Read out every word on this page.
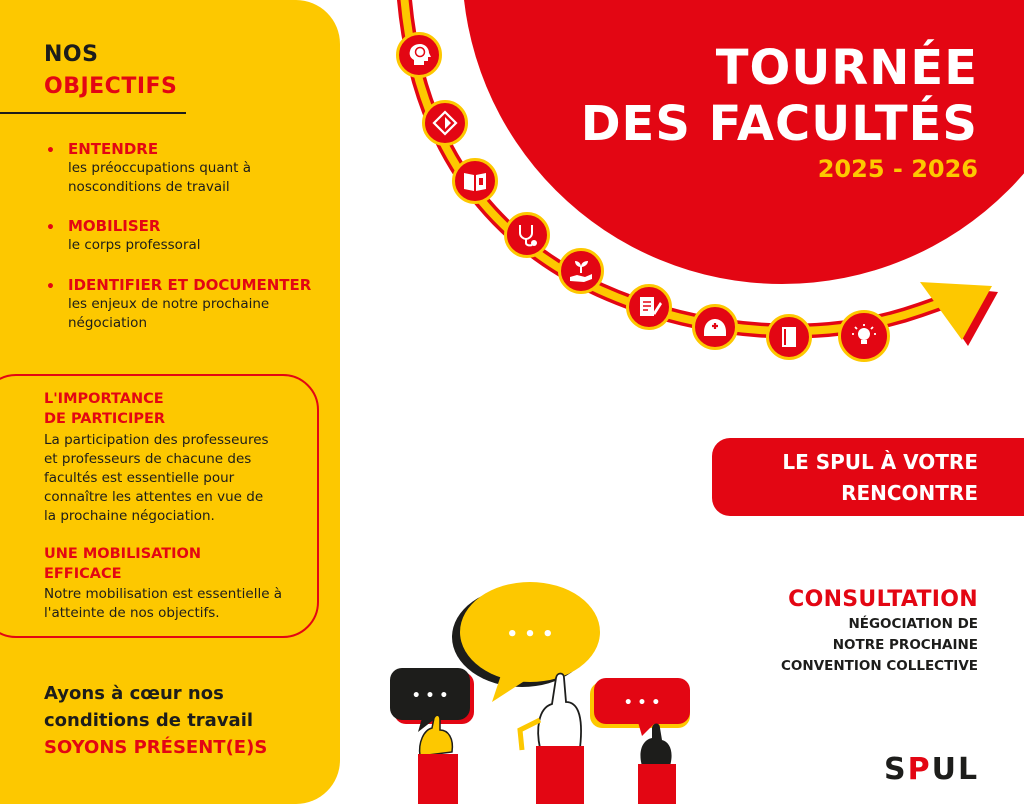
NOS
OBJECTIFS
• ENTENDRE
les préoccupations quant à
nosconditions de travail
• MOBILISER
le corps professoral
• IDENTIFIER ET DOCUMENTER
les enjeux de notre prochaine
négociation
L'IMPORTANCE
DE PARTICIPER
La participation des professeures
et professeurs de chacune des
facultés est essentielle pour
connaître les attentes en vue de
la prochaine négociation.
UNE MOBILISATION
EFFICACE
Notre mobilisation est essentielle à
l'atteinte de nos objectifs.
Ayons à cœur nos
conditions de travail
SOYONS PRÉSENT(E)S
TOURNÉE
DES FACULTÉS
2025 - 2026
LE SPUL À VOTRE
RENCONTRE
CONSULTATION
NÉGOCIATION DE
NOTRE PROCHAINE
CONVENTION COLLECTIVE
• • •
• • •	• • •
SPUL
